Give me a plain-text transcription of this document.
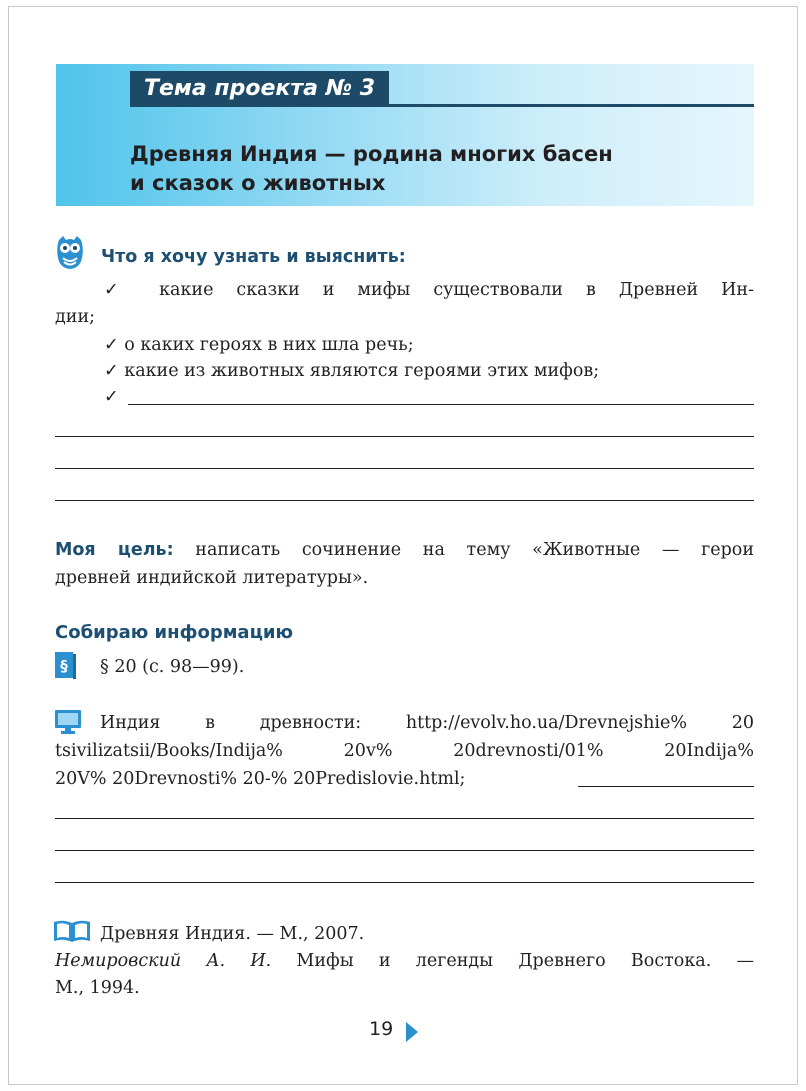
Тема проекта № 3
Древняя Индия — родина многих басен
и сказок о животных
Что я хочу узнать и выяснить:
✓ какие сказки и мифы существовали в Древней Ин-
дии;
✓ о каких героях в них шла речь;
✓ какие из животных являются героями этих мифов;
✓
Моя цель: написать сочинение на тему «Животные — герои
древней индийской литературы».
Собираю информацию
§ § 20 (с. 98—99).
Индия в древности: http://evolv.ho.ua/Drevnejshie% 20
tsivilizatsii/Books/Indija% 20v% 20drevnosti/01% 20Indija%
20V% 20Drevnosti% 20-% 20Predislovie.html;
Древняя Индия. — М., 2007.
Немировский А. И. Мифы и легенды Древнего Востока. —
М., 1994.
19
